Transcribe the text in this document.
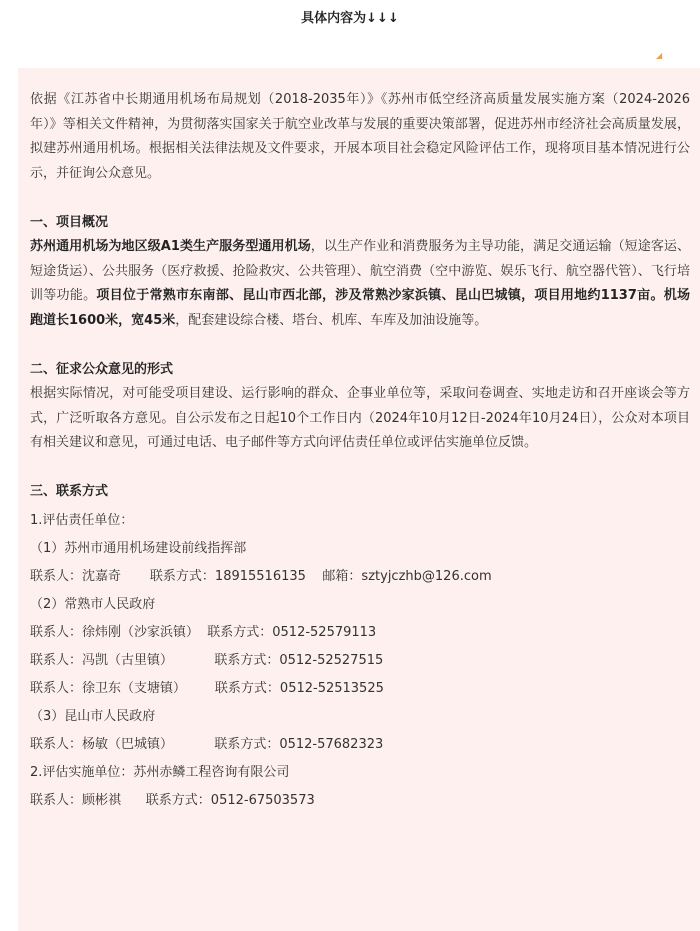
具体内容为↓↓↓
​◢

依据《江苏省中长期通用机场布局规划（2018-2035年）》《苏州市低空经济高质量发展实施方案（2024-2026年）》等相关文件精神，为贯彻落实国家关于航空业改革与发展的重要决策部署，促进苏州市经济社会高质量发展，拟建苏州通用机场。根据相关法律法规及文件要求，开展本项目社会稳定风险评估工作，现将项目基本情况进行公示，并征询公众意见。

一、项目概况

苏州通用机场为地区级A1类生产服务型通用机场，以生产作业和消费服务为主导功能，满足交通运输（短途客运、短途货运）、公共服务（医疗救援、抢险救灾、公共管理）、航空消费（空中游览、娱乐飞行、航空器代管）、飞行培训等功能。项目位于常熟市东南部、昆山市西北部，涉及常熟沙家浜镇、昆山巴城镇，项目用地约1137亩。机场跑道长1600米，宽45米，配套建设综合楼、塔台、机库、车库及加油设施等。

二、征求公众意见的形式

根据实际情况，对可能受项目建设、运行影响的群众、企事业单位等，采取问卷调查、实地走访和召开座谈会等方式，广泛听取各方意见。自公示发布之日起10个工作日内（2024年10月12日-2024年10月24日），公众对本项目有相关建议和意见，可通过电话、电子邮件等方式向评估责任单位或评估实施单位反馈。

三、联系方式

1.评估责任单位：

（1）苏州市通用机场建设前线指挥部

联系人：沈嘉奇       联系方式：18915516135    邮箱：sztyjczhb@126.com

（2）常熟市人民政府

联系人：徐炜刚（沙家浜镇）  联系方式：0512-52579113

联系人：冯凯（古里镇）          联系方式：0512-52527515

联系人：徐卫东（支塘镇）       联系方式：0512-52513525

（3）昆山市人民政府

联系人：杨敏（巴城镇）          联系方式：0512-57682323

2.评估实施单位：苏州赤鳞工程咨询有限公司

联系人：顾彬祺      联系方式：0512-67503573
